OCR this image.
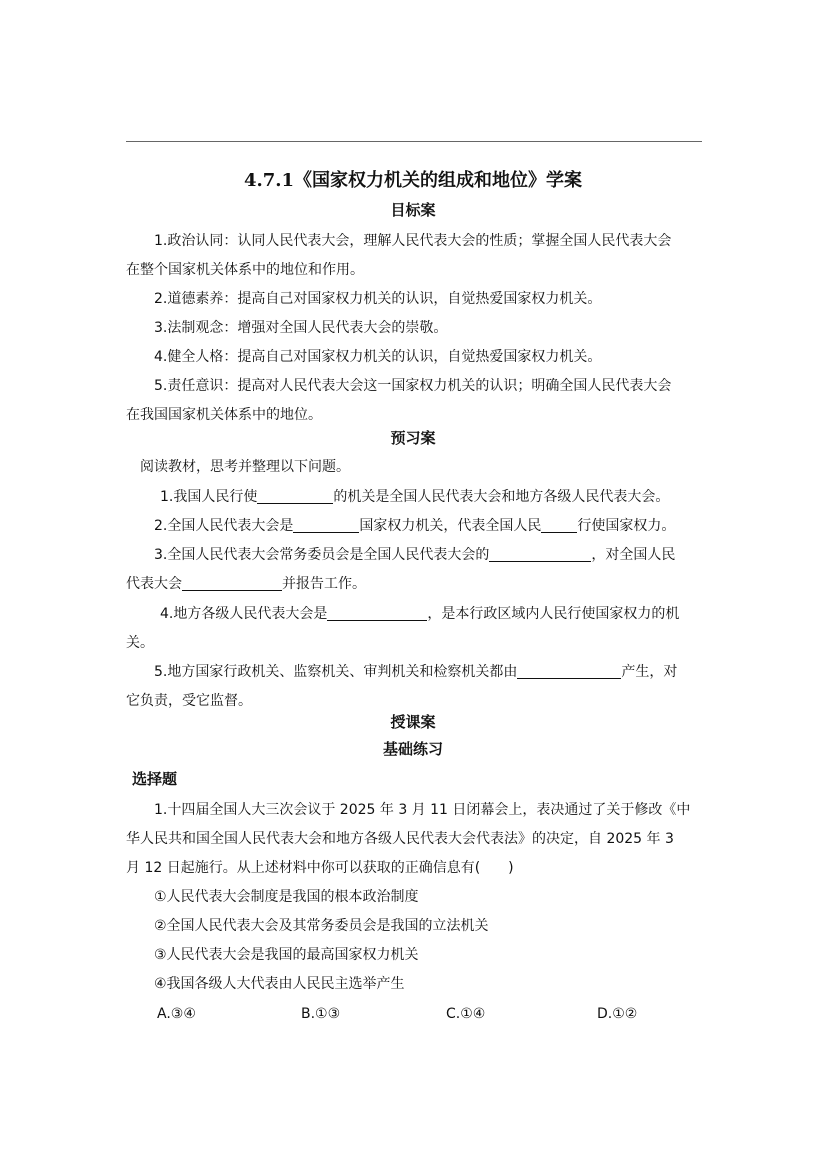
4.7.1《国家权力机关的组成和地位》学案
目标案
1.政治认同：认同人民代表大会，理解人民代表大会的性质；掌握全国人民代表大会
在整个国家机关体系中的地位和作用。
2.道德素养：提高自己对国家权力机关的认识，自觉热爱国家权力机关。
3.法制观念：增强对全国人民代表大会的崇敬。
4.健全人格：提高自己对国家权力机关的认识，自觉热爱国家权力机关。
5.责任意识：提高对人民代表大会这一国家权力机关的认识；明确全国人民代表大会
在我国国家机关体系中的地位。
预习案
阅读教材，思考并整理以下问题。
1.我国人民行使	的机关是全国人民代表大会和地方各级人民代表大会。
2.全国人民代表大会是	国家权力机关，代表全国人民	行使国家权力。
3.全国人民代表大会常务委员会是全国人民代表大会的	，对全国人民
代表大会	并报告工作。
4.地方各级人民代表大会是	，是本行政区域内人民行使国家权力的机
关。
5.地方国家行政机关、监察机关、审判机关和检察机关都由	产生，对
它负责，受它监督。
授课案
基础练习
选择题
1.十四届全国人大三次会议于 2025 年 3 月 11 日闭幕会上，表决通过了关于修改《中
华人民共和国全国人民代表大会和地方各级人民代表大会代表法》的决定，自 2025 年 3
月 12 日起施行。从上述材料中你可以获取的正确信息有(　　)
①人民代表大会制度是我国的根本政治制度
②全国人民代表大会及其常务委员会是我国的立法机关
③人民代表大会是我国的最高国家权力机关
④我国各级人大代表由人民民主选举产生
A.③④	B.①③	C.①④	D.①②
